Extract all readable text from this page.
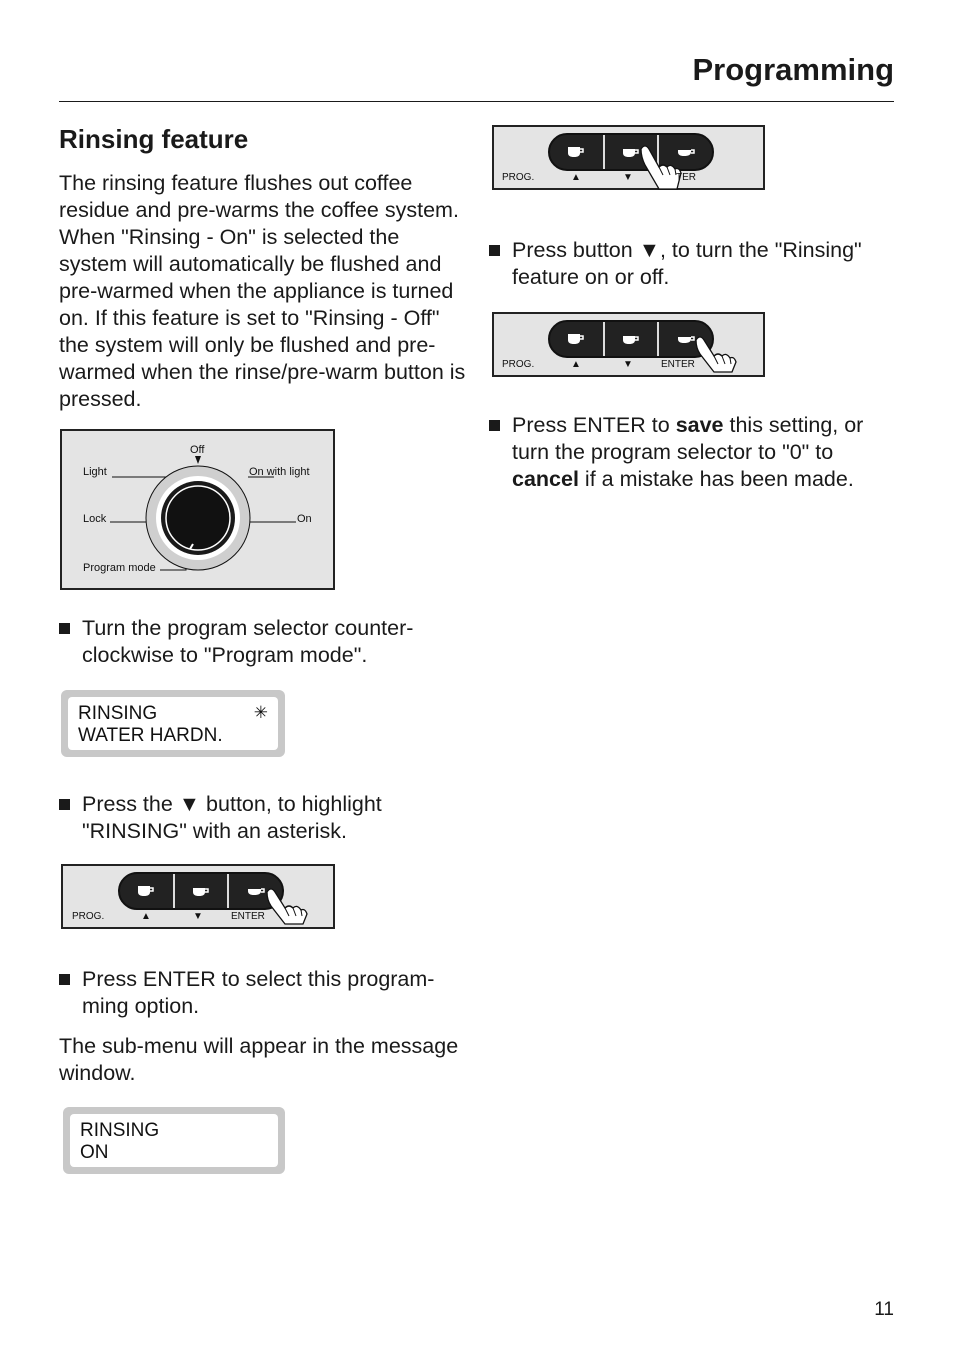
Programming
Rinsing feature
The rinsing feature flushes out coffee residue and pre-warms the coffee system. When "Rinsing - On" is selected the system will automatically be flushed and pre-warmed when the appliance is turned on. If this feature is set to "Rinsing - Off" the system will only be flushed and pre-warmed when the rinse/pre-warm button is pressed.
Off
On with light
Light
Lock	On
Program mode
Turn the program selector counter-clockwise to "Program mode".
RINSING
WATER HARDN.
✳
Press the ▼ button, to highlight "RINSING" with an asterisk.
PROG.	▲	▼	ENTER
Press ENTER to select this program-ming option.
The sub-menu will appear in the message window.
RINSING
ON
PROG.	▲	▼	TER
Press button ▼, to turn the "Rinsing" feature on or off.
PROG.	▲	▼	ENTER
Press ENTER to save this setting, or turn the program selector to "0" to cancel if a mistake has been made.
11
